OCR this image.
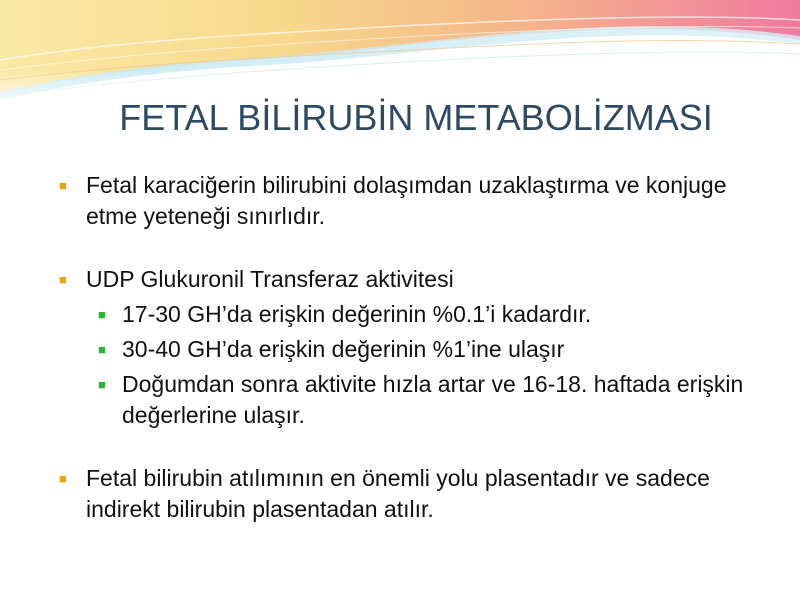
FETAL BİLİRUBİN METABOLİZMASI
■ Fetal karaciğerin bilirubini dolaşımdan uzaklaştırma ve konjuge etme yeteneği sınırlıdır.
■ UDP Glukuronil Transferaz aktivitesi
■ 17-30 GH’da erişkin değerinin %0.1’i kadardır.
■ 30-40 GH’da erişkin değerinin %1’ine ulaşır
■ Doğumdan sonra aktivite hızla artar ve 16-18. haftada erişkin değerlerine ulaşır.
■ Fetal bilirubin atılımının en önemli yolu plasentadır ve sadece indirekt bilirubin plasentadan atılır.
